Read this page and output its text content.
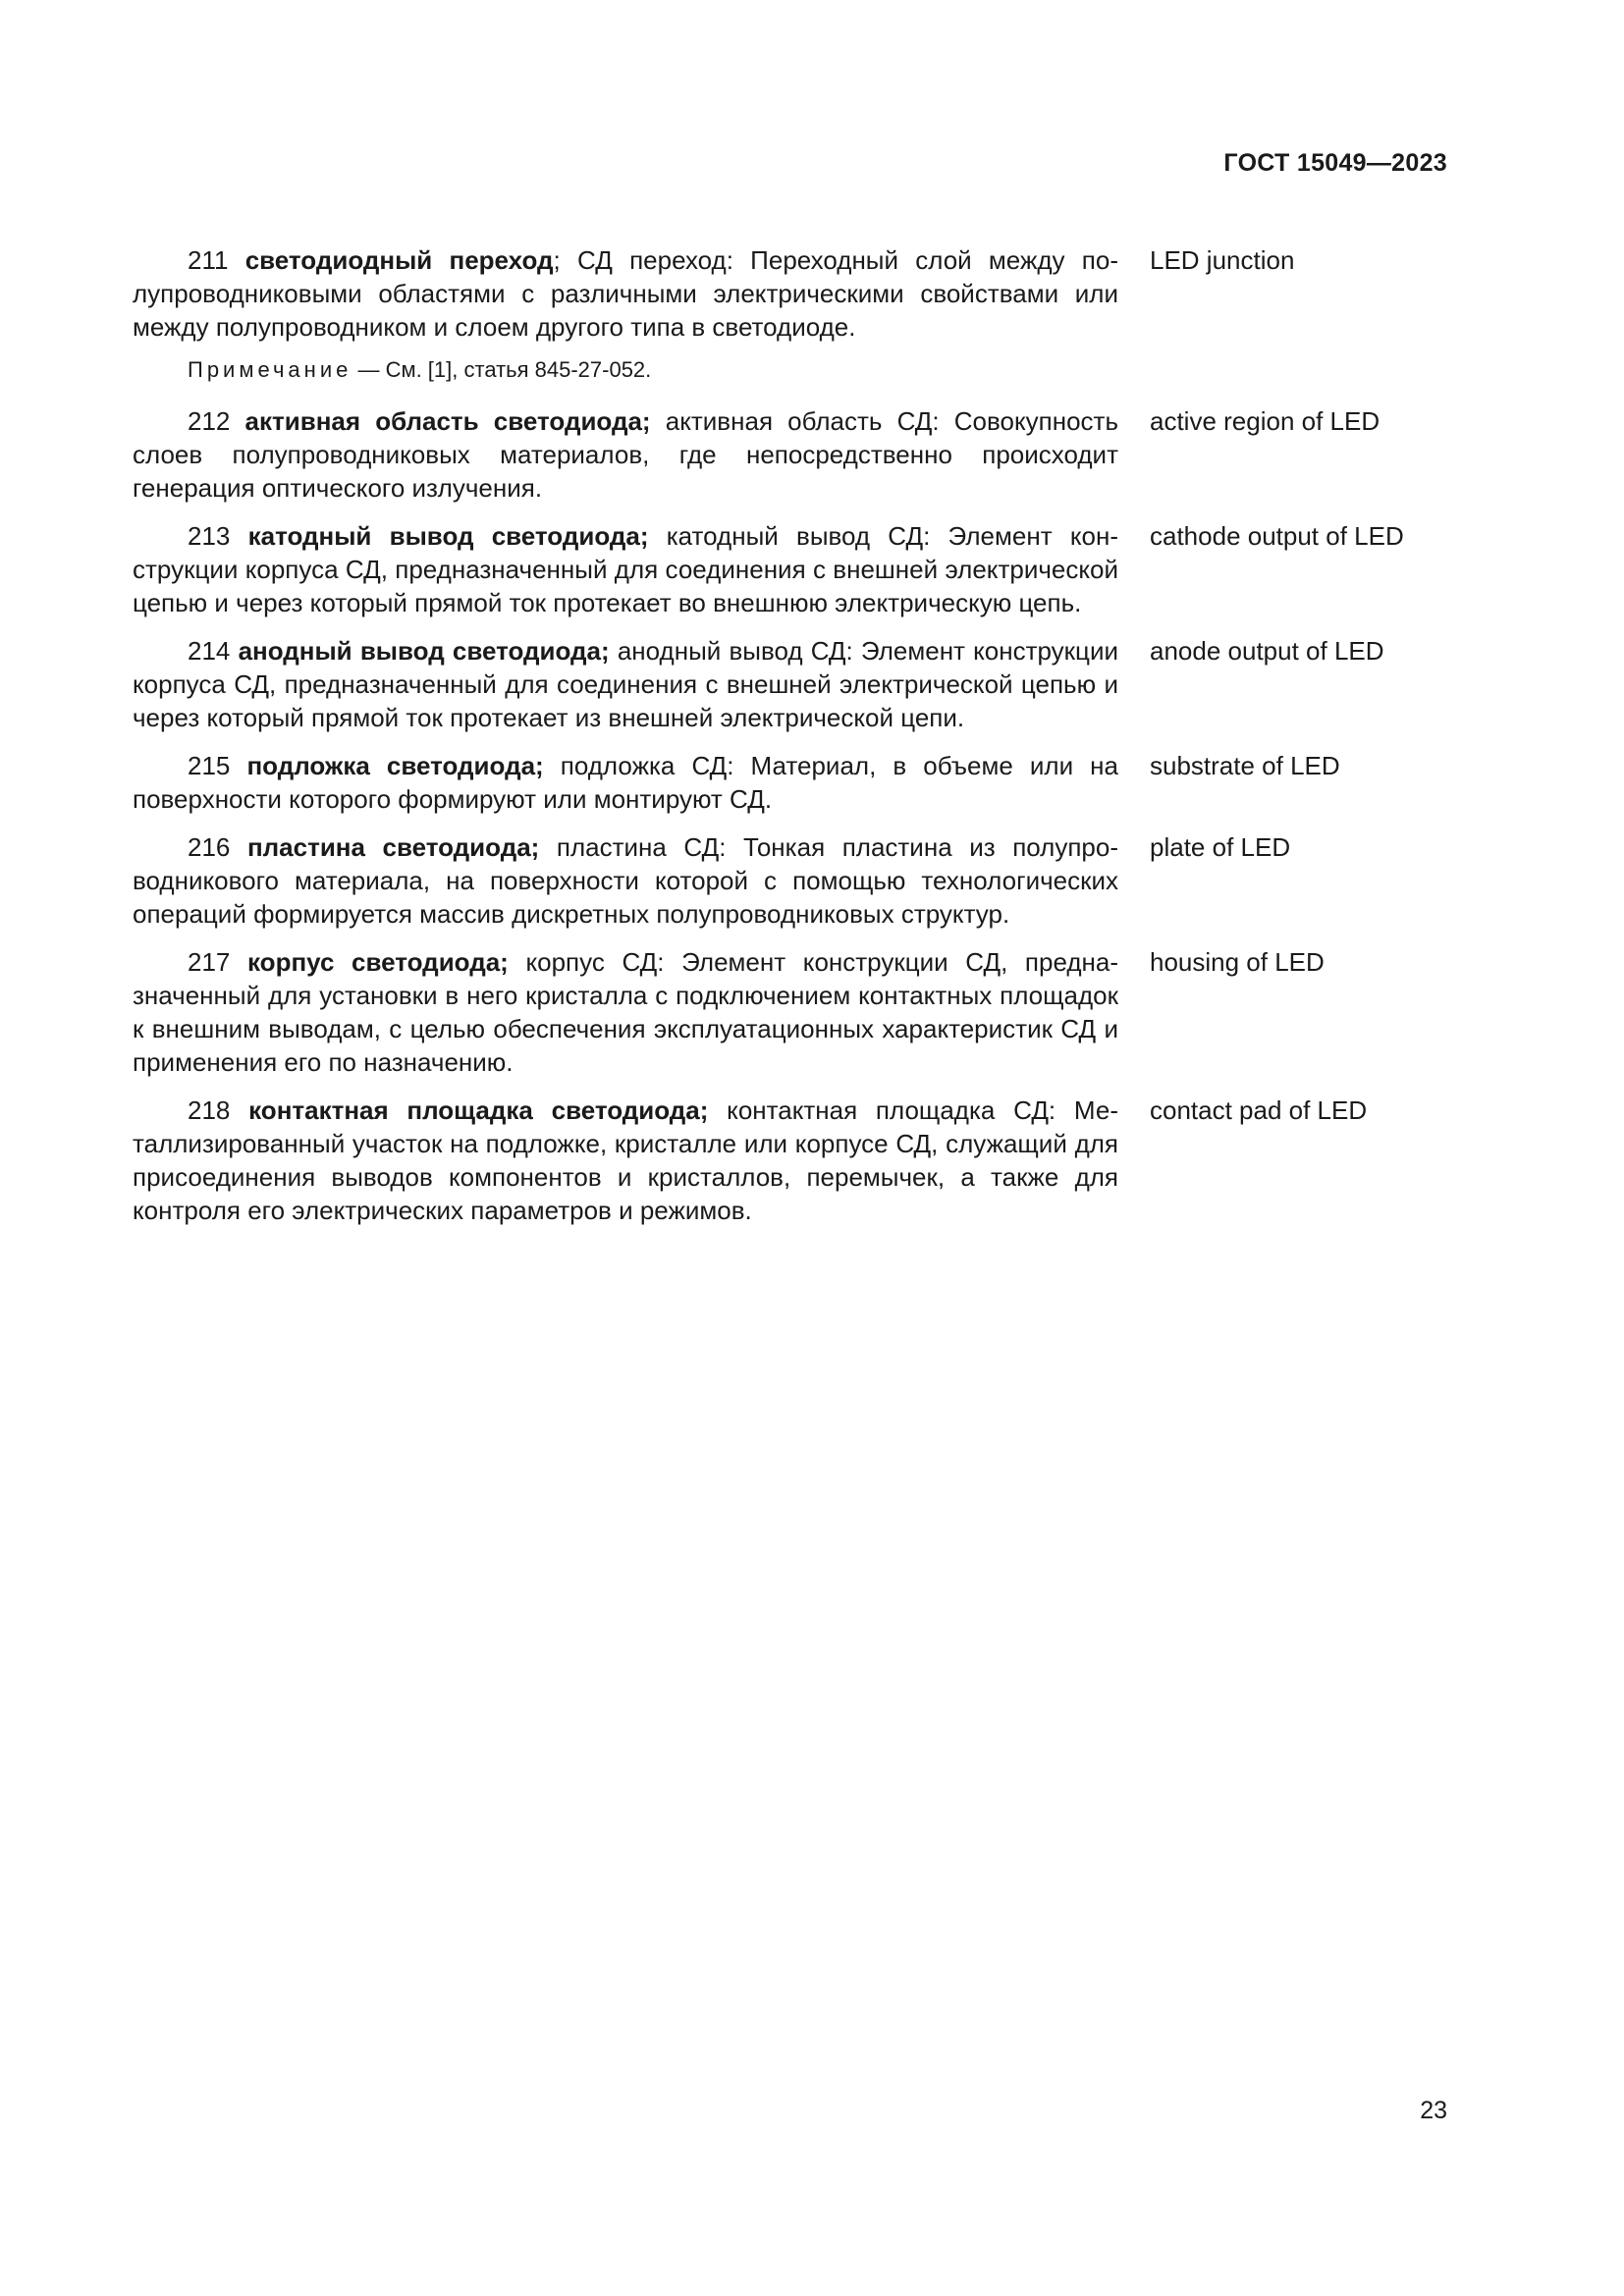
ГОСТ 15049—2023
211 светодиодный переход; СД переход: Переходный слой между полупроводниковыми областями с различными электрическими свойствами или между полупроводником и слоем другого типа в светодиоде.
LED junction
Примечание — См. [1], статья 845-27-052.
212 активная область светодиода; активная область СД: Совокупность слоев полупроводниковых материалов, где непосредственно происходит генерация оптического излучения.
active region of LED
213 катодный вывод светодиода; катодный вывод СД: Элемент конструкции корпуса СД, предназначенный для соединения с внешней электрической цепью и через который прямой ток протекает во внешнюю электрическую цепь.
cathode output of LED
214 анодный вывод светодиода; анодный вывод СД: Элемент конструкции корпуса СД, предназначенный для соединения с внешней электрической цепью и через который прямой ток протекает из внешней электрической цепи.
anode output of LED
215 подложка светодиода; подложка СД: Материал, в объеме или на поверхности которого формируют или монтируют СД.
substrate of LED
216 пластина светодиода; пластина СД: Тонкая пластина из полупроводникового материала, на поверхности которой с помощью технологических операций формируется массив дискретных полупроводниковых структур.
plate of LED
217 корпус светодиода; корпус СД: Элемент конструкции СД, предназначенный для установки в него кристалла с подключением контактных площадок к внешним выводам, с целью обеспечения эксплуатационных характеристик СД и применения его по назначению.
housing of LED
218 контактная площадка светодиода; контактная площадка СД: Металлизированный участок на подложке, кристалле или корпусе СД, служащий для присоединения выводов компонентов и кристаллов, перемычек, а также для контроля его электрических параметров и режимов.
contact pad of LED
23
